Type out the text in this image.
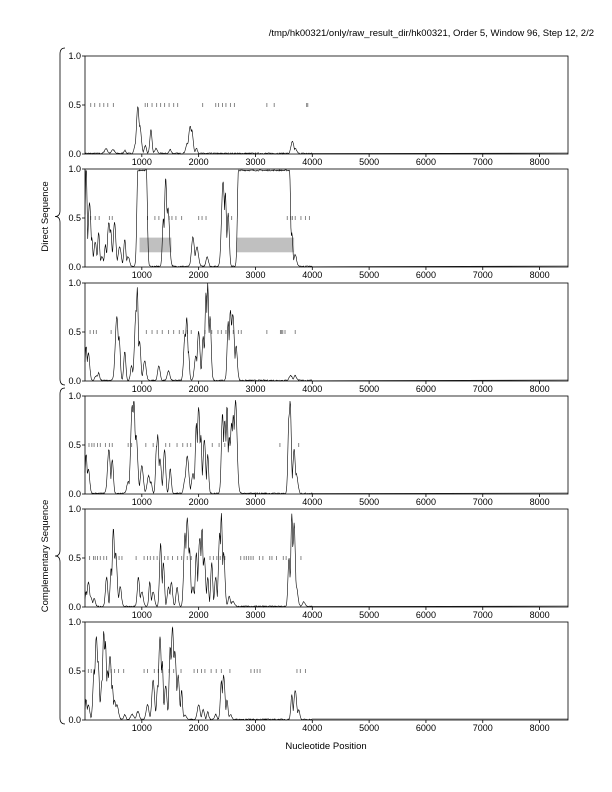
/tmp/hk00321/only/raw_result_dir/hk00321, Order 5, Window 96, Step 12, 2/2
Nucleotide Position
Direct Sequence
Complementary Sequence
0.0
0.5
1.0
1000	2000	3000	4000	5000	6000	7000	8000
0.0
0.5
1.0
1000	2000	3000	4000	5000	6000	7000	8000
0.0
0.5
1.0
1000	2000	3000	4000	5000	6000	7000	8000
0.0
0.5
1.0
1000	2000	3000	4000	5000	6000	7000	8000
0.0
0.5
1.0
1000	2000	3000	4000	5000	6000	7000	8000
0.0
0.5
1.0
1000	2000	3000	4000	5000	6000	7000	8000
